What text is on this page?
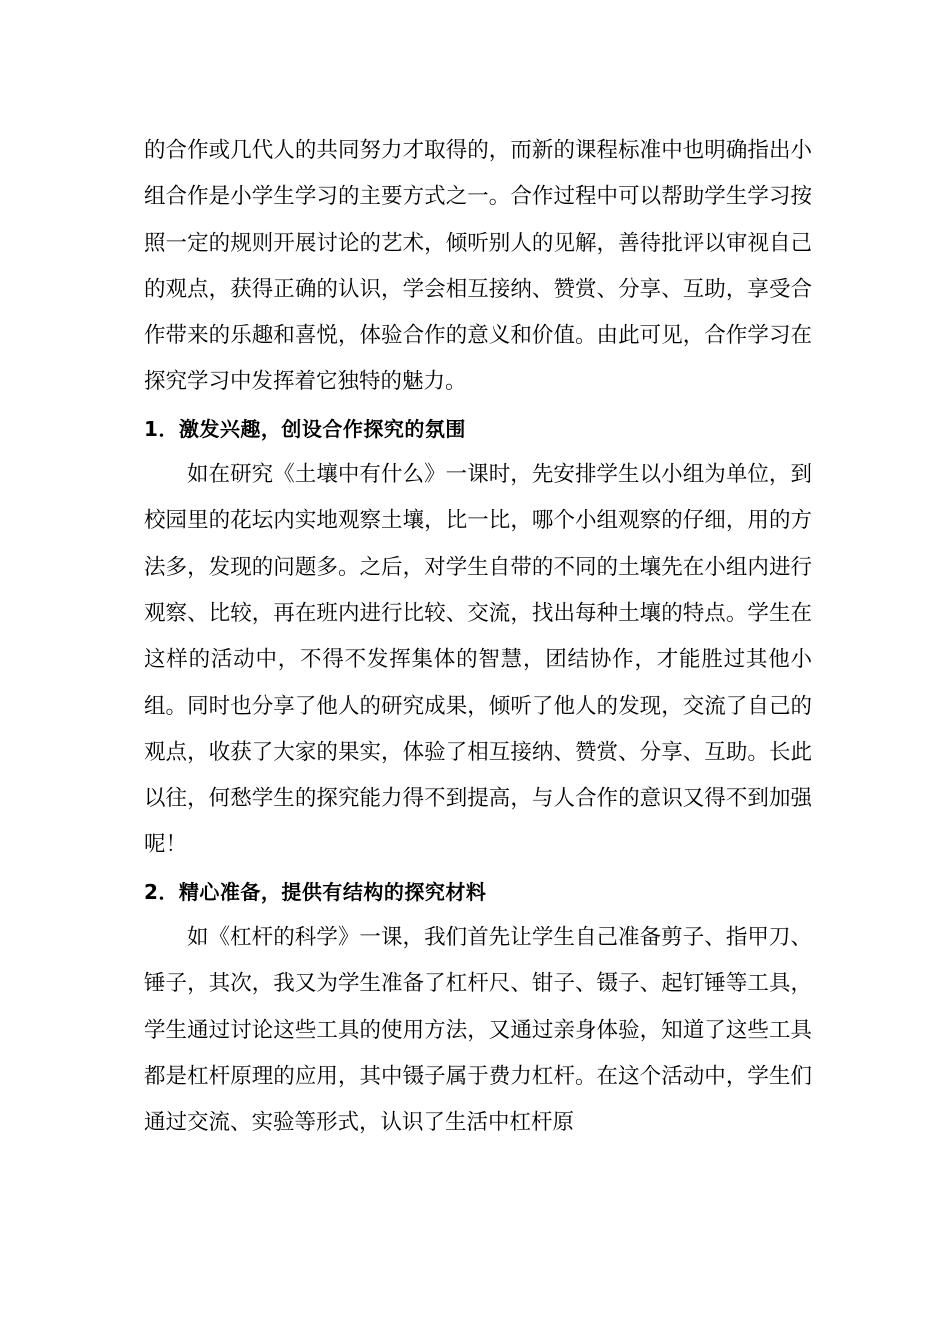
的合作或几代人的共同努力才取得的，而新的课程标准中也明确指出小组合作是小学生学习的主要方式之一。合作过程中可以帮助学生学习按照一定的规则开展讨论的艺术，倾听别人的见解，善待批评以审视自己的观点，获得正确的认识，学会相互接纳、赞赏、分享、互助，享受合作带来的乐趣和喜悦，体验合作的意义和价值。由此可见，合作学习在探究学习中发挥着它独特的魅力。

1．激发兴趣，创设合作探究的氛围

如在研究《土壤中有什么》一课时，先安排学生以小组为单位，到校园里的花坛内实地观察土壤，比一比，哪个小组观察的仔细，用的方法多，发现的问题多。之后，对学生自带的不同的土壤先在小组内进行观察、比较，再在班内进行比较、交流，找出每种土壤的特点。学生在这样的活动中，不得不发挥集体的智慧，团结协作，才能胜过其他小组。同时也分享了他人的研究成果，倾听了他人的发现，交流了自己的观点，收获了大家的果实，体验了相互接纳、赞赏、分享、互助。长此以往，何愁学生的探究能力得不到提高，与人合作的意识又得不到加强呢！

2．精心准备，提供有结构的探究材料

如《杠杆的科学》一课，我们首先让学生自己准备剪子、指甲刀、锤子，其次，我又为学生准备了杠杆尺、钳子、镊子、起钉锤等工具，学生通过讨论这些工具的使用方法，又通过亲身体验，知道了这些工具都是杠杆原理的应用，其中镊子属于费力杠杆。在这个活动中，学生们通过交流、实验等形式，认识了生活中杠杆原
